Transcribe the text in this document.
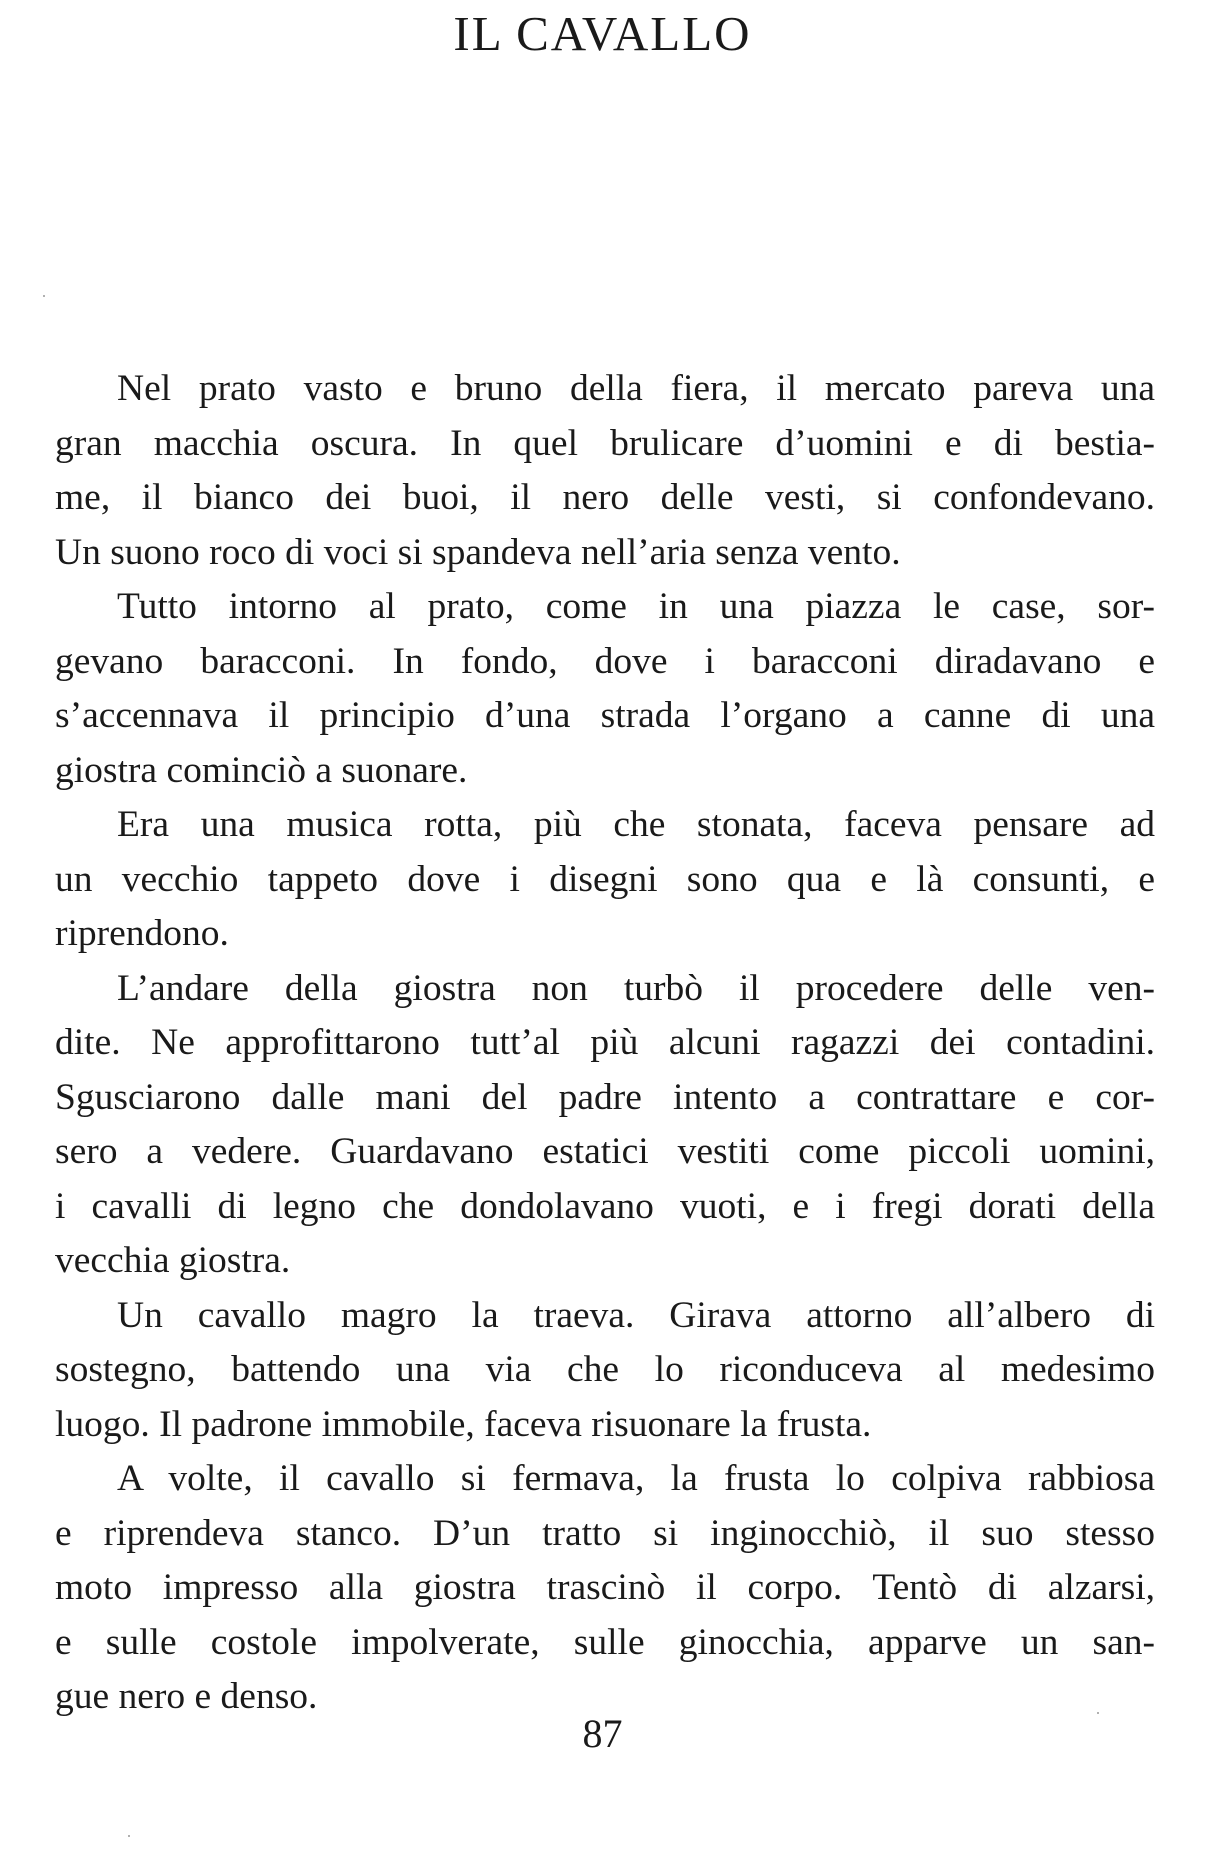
IL CAVALLO
Nel prato vasto e bruno della fiera, il mercato pareva una
gran macchia oscura. In quel brulicare d’uomini e di bestia-
me, il bianco dei buoi, il nero delle vesti, si confondevano.
Un suono roco di voci si spandeva nell’aria senza vento.
Tutto intorno al prato, come in una piazza le case, sor-
gevano baracconi. In fondo, dove i baracconi diradavano e
s’accennava il principio d’una strada l’organo a canne di una
giostra cominciò a suonare.
Era una musica rotta, più che stonata, faceva pensare ad
un vecchio tappeto dove i disegni sono qua e là consunti, e
riprendono.
L’andare della giostra non turbò il procedere delle ven-
dite. Ne approfittarono tutt’al più alcuni ragazzi dei contadini.
Sgusciarono dalle mani del padre intento a contrattare e cor-
sero a vedere. Guardavano estatici vestiti come piccoli uomini,
i cavalli di legno che dondolavano vuoti, e i fregi dorati della
vecchia giostra.
Un cavallo magro la traeva. Girava attorno all’albero di
sostegno, battendo una via che lo riconduceva al medesimo
luogo. Il padrone immobile, faceva risuonare la frusta.
A volte, il cavallo si fermava, la frusta lo colpiva rabbiosa
e riprendeva stanco. D’un tratto si inginocchiò, il suo stesso
moto impresso alla giostra trascinò il corpo. Tentò di alzarsi,
e sulle costole impolverate, sulle ginocchia, apparve un san-
gue nero e denso.
87
